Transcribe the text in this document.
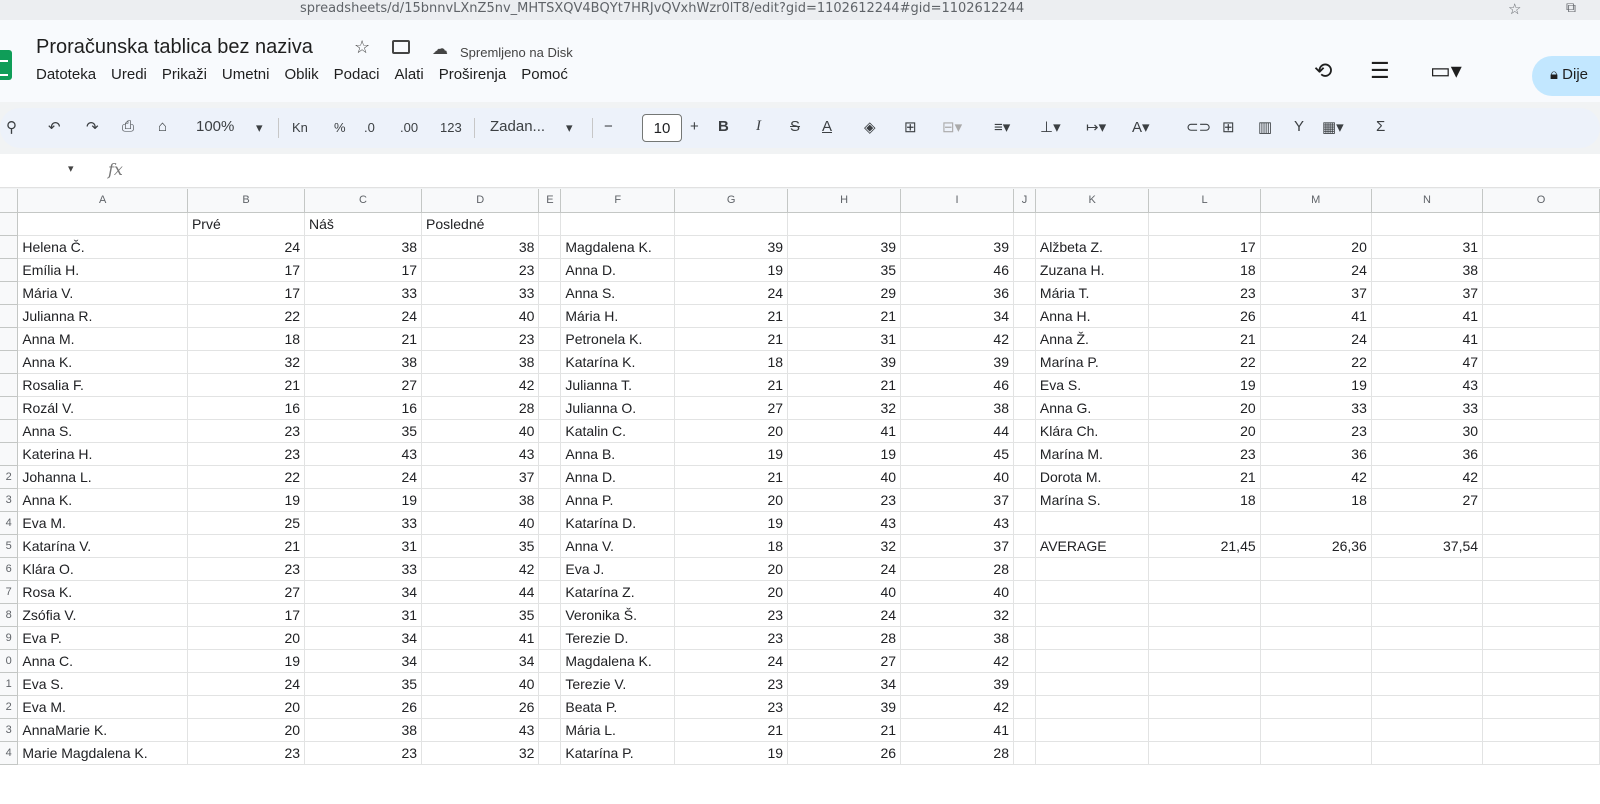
spreadsheets/d/15bnnvLXnZ5nv_MHTSXQV4BQYt7HRJvQVxhWzr0lT8/edit?gid=1102612244#gid=1102612244	☆	⧉
Proračunska tablica bez naziva ☆	☁ Spremljeno na Disk
Datoteka Uredi Prikaži Umetni Oblik Podaci Alati Proširenja Pomoć	⟲ ☰ ▭▾	🔒︎ Dije
⚲ ↶ ↷ ⎙ ⌂ 100% ▾ Kn % .0 .00 123 Zadan... ▾ −	10	+ B I S A ◈ ⊞ ⊟▾ ≡▾ ⊥▾ ↦▾ A▾ ⊂⊃ ⊞ ▥ Y ▦▾ Σ
▾ fx
	A	B	C	D	E	F	G	H	I	J	K	L	M	N	O
		Prvé	Náš	Posledné											
	Helena Č.	24	38	38		Magdalena K.	39	39	39		Alžbeta Z.	17	20	31	
	Emília H.	17	17	23		Anna D.	19	35	46		Zuzana H.	18	24	38	
	Mária V.	17	33	33		Anna S.	24	29	36		Mária T.	23	37	37	
	Julianna R.	22	24	40		Mária H.	21	21	34		Anna H.	26	41	41	
	Anna M.	18	21	23		Petronela K.	21	31	42		Anna Ž.	21	24	41	
	Anna K.	32	38	38		Katarína K.	18	39	39		Marína P.	22	22	47	
	Rosalia F.	21	27	42		Julianna T.	21	21	46		Eva S.	19	19	43	
	Rozál V.	16	16	28		Julianna O.	27	32	38		Anna G.	20	33	33	
	Anna S.	23	35	40		Katalin C.	20	41	44		Klára Ch.	20	23	30	
	Katerina H.	23	43	43		Anna B.	19	19	45		Marína M.	23	36	36	
2	Johanna L.	22	24	37		Anna D.	21	40	40		Dorota M.	21	42	42	
3	Anna K.	19	19	38		Anna P.	20	23	37		Marína S.	18	18	27	
4	Eva M.	25	33	40		Katarína D.	19	43	43						
5	Katarína V.	21	31	35		Anna V.	18	32	37		AVERAGE	21,45	26,36	37,54	
6	Klára O.	23	33	42		Eva J.	20	24	28						
7	Rosa K.	27	34	44		Katarína Z.	20	40	40						
8	Zsófia V.	17	31	35		Veronika Š.	23	24	32						
9	Eva P.	20	34	41		Terezie D.	23	28	38						
0	Anna C.	19	34	34		Magdalena K.	24	27	42						
1	Eva S.	24	35	40		Terezie V.	23	34	39						
2	Eva M.	20	26	26		Beata P.	23	39	42						
3	AnnaMarie K.	20	38	43		Mária L.	21	21	41						
4	Marie Magdalena K.	23	23	32		Katarína P.	19	26	28						
